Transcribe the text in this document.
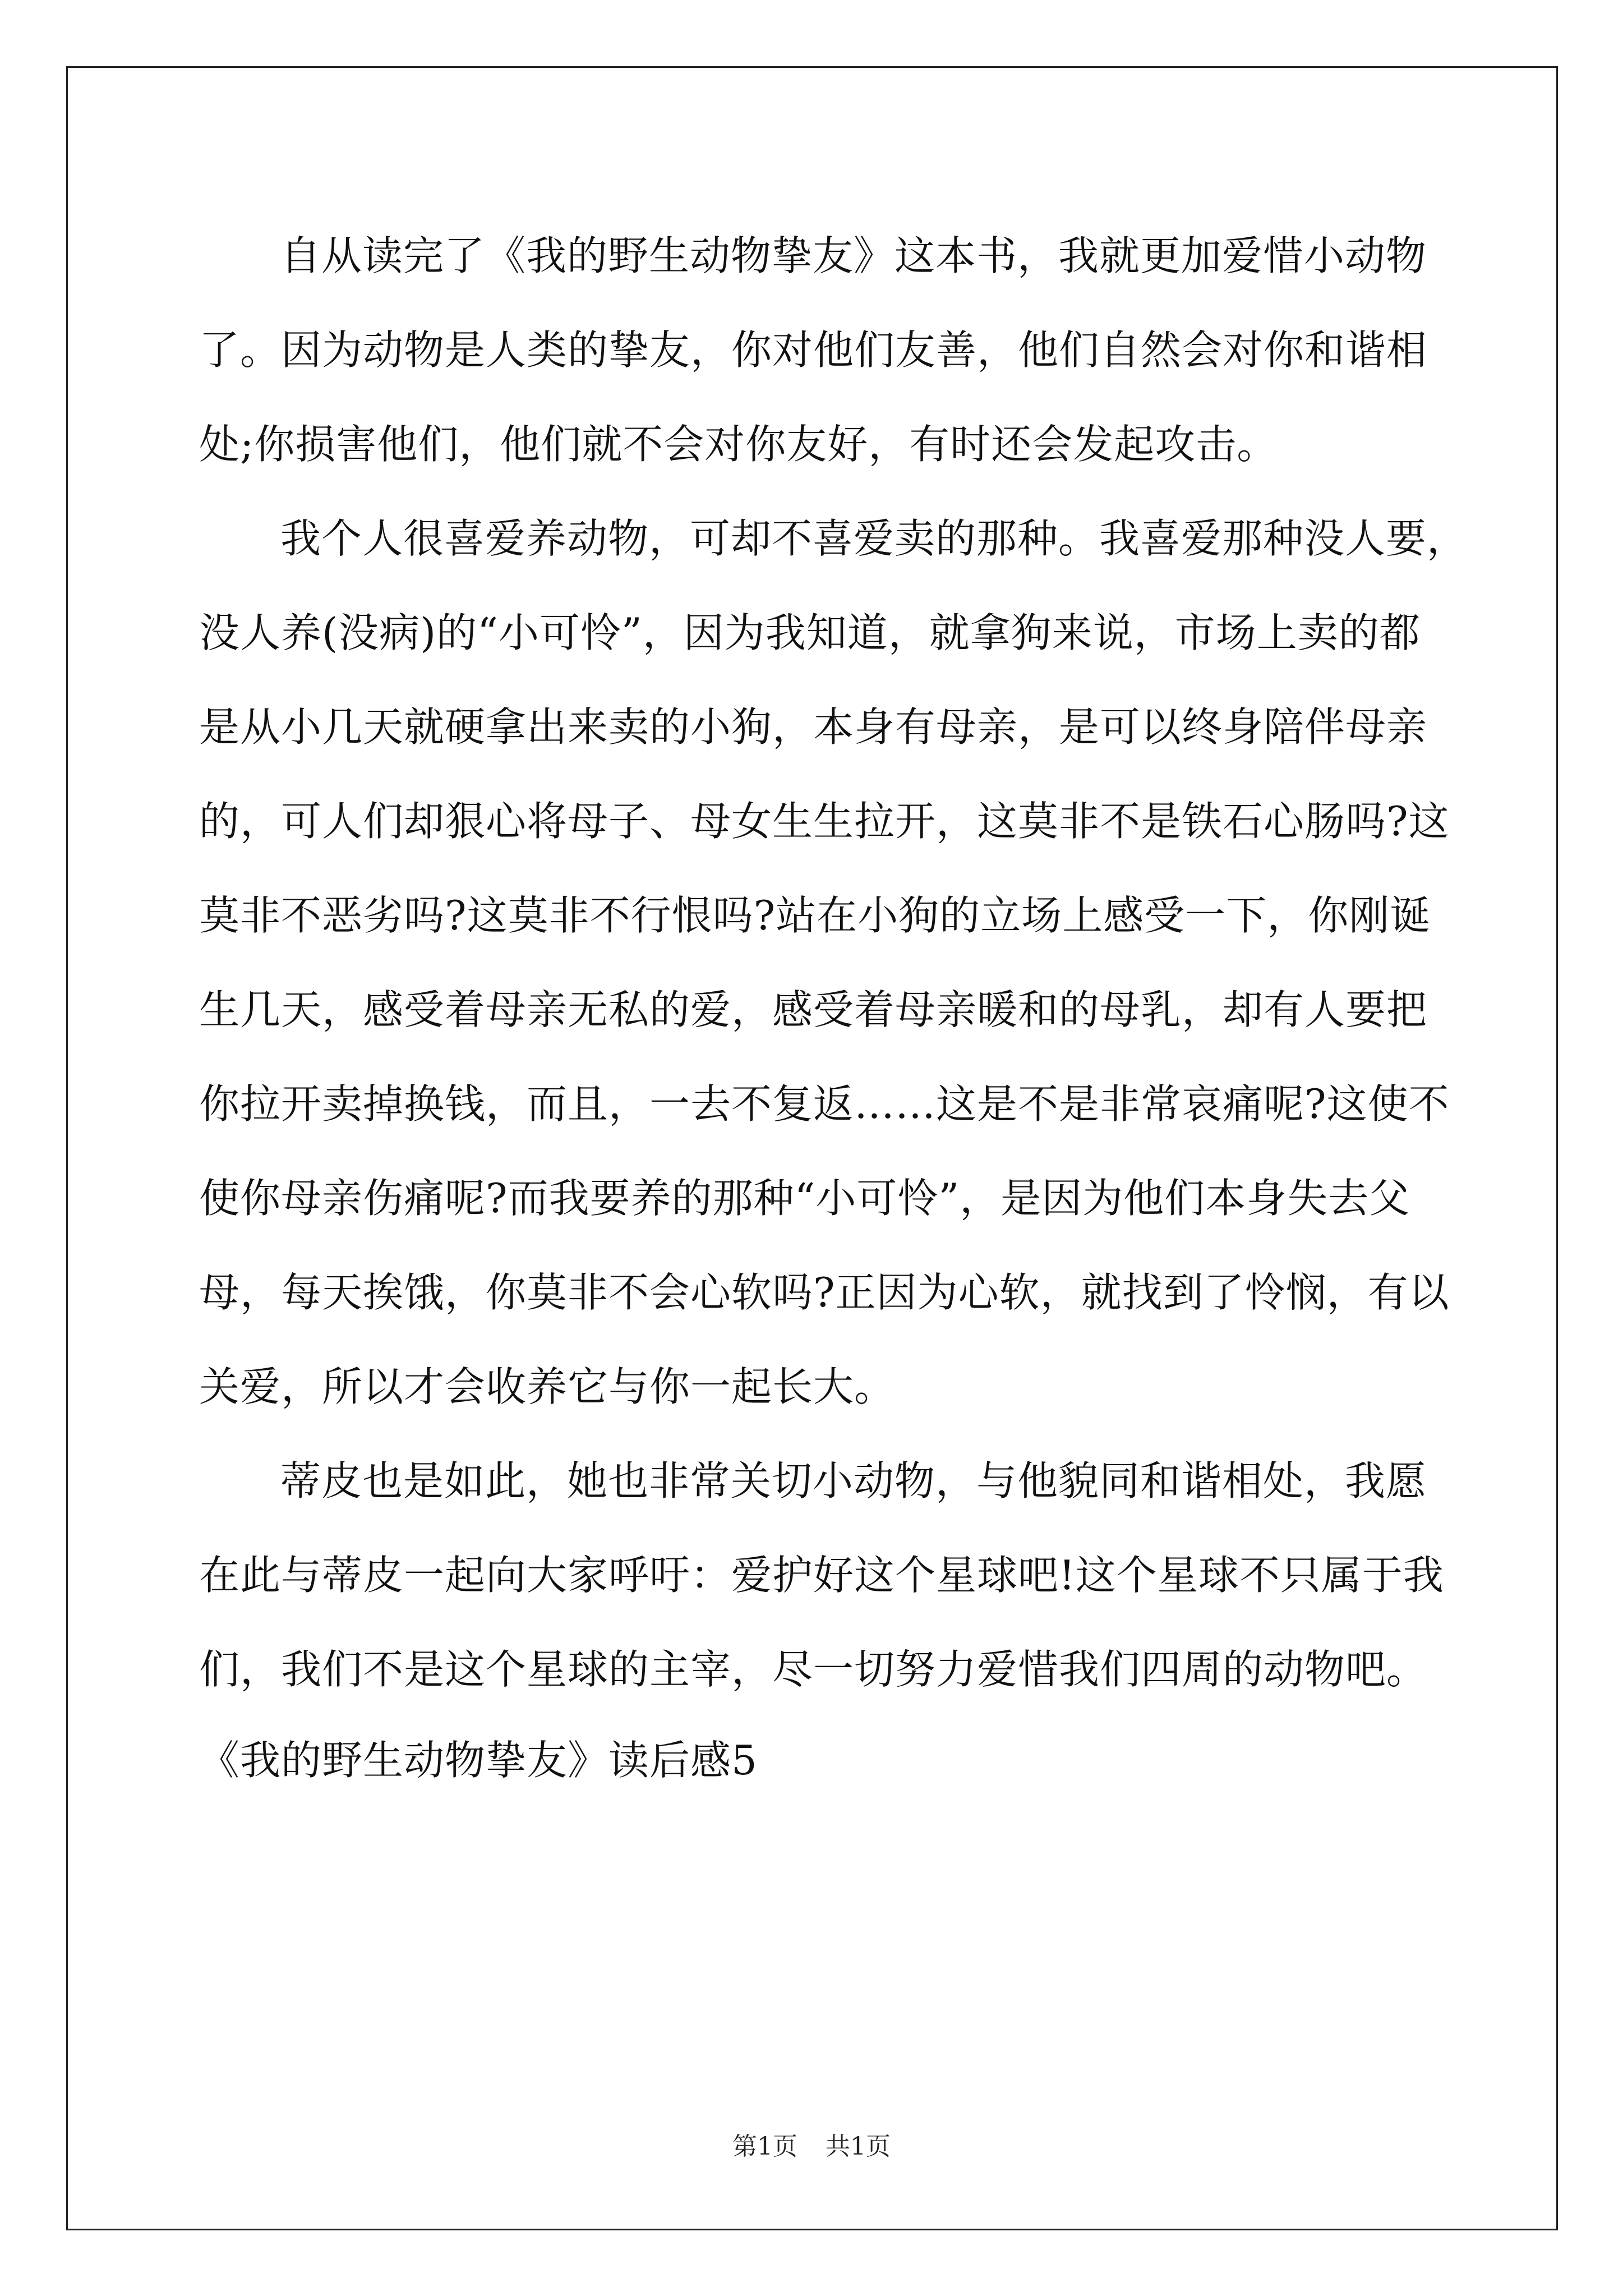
自从读完了《我的野生动物挚友》这本书，我就更加爱惜小动物
了。因为动物是人类的挚友，你对他们友善，他们自然会对你和谐相
处;你损害他们，他们就不会对你友好，有时还会发起攻击。
我个人很喜爱养动物，可却不喜爱卖的那种。我喜爱那种没人要，
没人养(没病)的“小可怜”，因为我知道，就拿狗来说，市场上卖的都
是从小几天就硬拿出来卖的小狗，本身有母亲，是可以终身陪伴母亲
的，可人们却狠心将母子、母女生生拉开，这莫非不是铁石心肠吗?这
莫非不恶劣吗?这莫非不行恨吗?站在小狗的立场上感受一下，你刚诞
生几天，感受着母亲无私的爱，感受着母亲暖和的母乳，却有人要把
你拉开卖掉换钱，而且，一去不复返……这是不是非常哀痛呢?这使不
使你母亲伤痛呢?而我要养的那种“小可怜”，是因为他们本身失去父
母，每天挨饿，你莫非不会心软吗?正因为心软，就找到了怜悯，有以
关爱，所以才会收养它与你一起长大。
蒂皮也是如此，她也非常关切小动物，与他貌同和谐相处，我愿
在此与蒂皮一起向大家呼吁：爱护好这个星球吧!这个星球不只属于我
们，我们不是这个星球的主宰，尽一切努力爱惜我们四周的动物吧。
《我的野生动物挚友》读后感5
第1页 共1页
